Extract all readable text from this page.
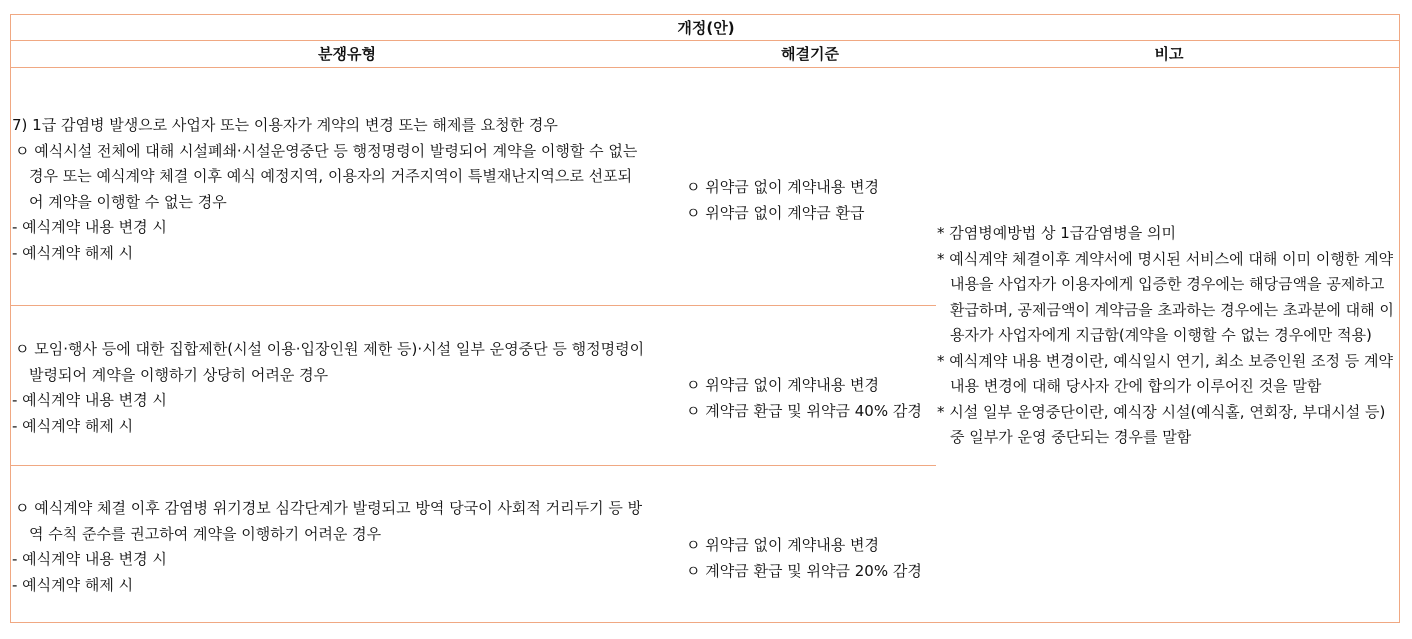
개정(안)
분쟁유형	해결기준	비고

7) 1급 감염병 발생으로 사업자 또는 이용자가 계약의 변경 또는 해제를 요청한 경우

ㅇ 예식시설 전체에 대해 시설폐쇄·시설운영중단 등 행정명령이 발령되어 계약을 이행할 수 없는

경우 또는 예식계약 체결 이후 예식 예정지역, 이용자의 거주지역이 특별재난지역으로 선포되

어 계약을 이행할 수 없는 경우

- 예식계약 내용 변경 시

- 예식계약 해제 시

ㅇ 위약금 없이 계약내용 변경

ㅇ 위약금 없이 계약금 환급

ㅇ 모임·행사 등에 대한 집합제한(시설 이용·입장인원 제한 등)·시설 일부 운영중단 등 행정명령이

발령되어 계약을 이행하기 상당히 어려운 경우

- 예식계약 내용 변경 시

- 예식계약 해제 시

ㅇ 위약금 없이 계약내용 변경

ㅇ 계약금 환급 및 위약금 40% 감경

ㅇ 예식계약 체결 이후 감염병 위기경보 심각단계가 발령되고 방역 당국이 사회적 거리두기 등 방

역 수칙 준수를 권고하여 계약을 이행하기 어려운 경우

- 예식계약 내용 변경 시

- 예식계약 해제 시

ㅇ 위약금 없이 계약내용 변경

ㅇ 계약금 환급 및 위약금 20% 감경

* 감염병예방법 상 1급감염병을 의미

* 예식계약 체결이후 계약서에 명시된 서비스에 대해 이미 이행한 계약내용을 사업자가 이용자에게 입증한 경우에는 해당금액을 공제하고 환급하며, 공제금액이 계약금을 초과하는 경우에는 초과분에 대해 이용자가 사업자에게 지급함(계약을 이행할 수 없는 경우에만 적용)

* 예식계약 내용 변경이란, 예식일시 연기, 최소 보증인원 조정 등 계약내용 변경에 대해 당사자 간에 합의가 이루어진 것을 말함

* 시설 일부 운영중단이란, 예식장 시설(예식홀, 연회장, 부대시설 등) 중 일부가 운영 중단되는 경우를 말함
